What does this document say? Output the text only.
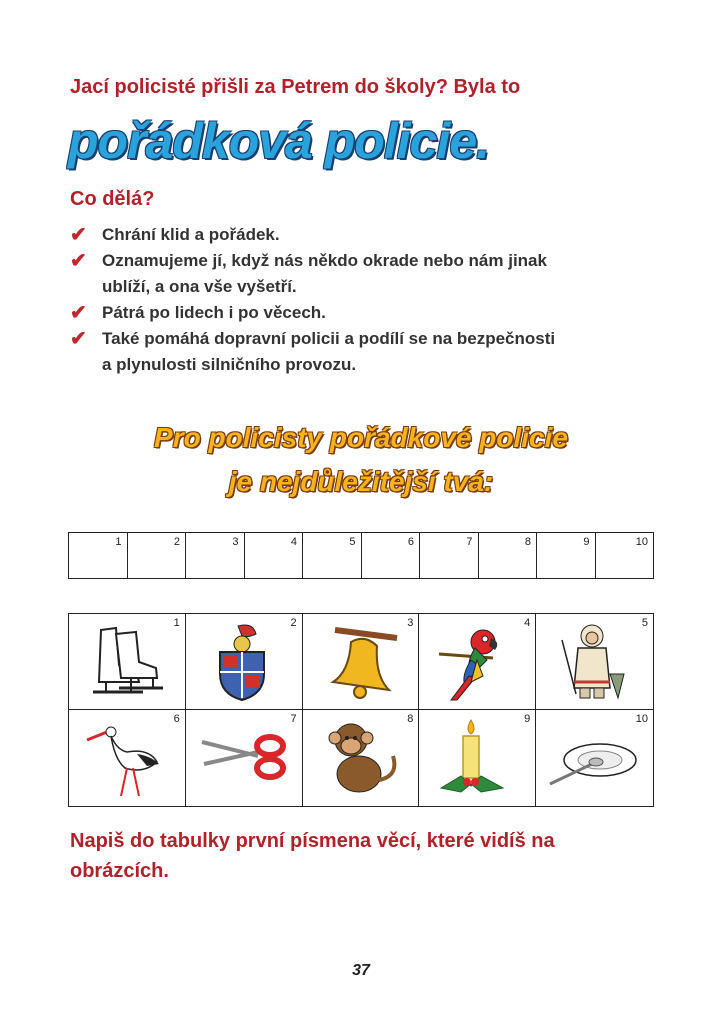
Jací policisté přišli za Petrem do školy? Byla to
pořádková policie.
Co dělá?
✔ Chrání klid a pořádek.
✔ Oznamujeme jí, když nás někdo okrade nebo nám jinak
ublíží, a ona vše vyšetří.
✔ Pátrá po lidech i po věcech.
✔ Také pomáhá dopravní policii a podílí se na bezpečnosti
a plynulosti silničního provozu.
Pro policisty pořádkové policie
je nejdůležitější tvá:
1	2	3	4	5	6	7	8	9	10
1	2	3	4	5
6	7	8	9	10
Napiš do tabulky první písmena věcí, které vidíš na obrázcích.
37
